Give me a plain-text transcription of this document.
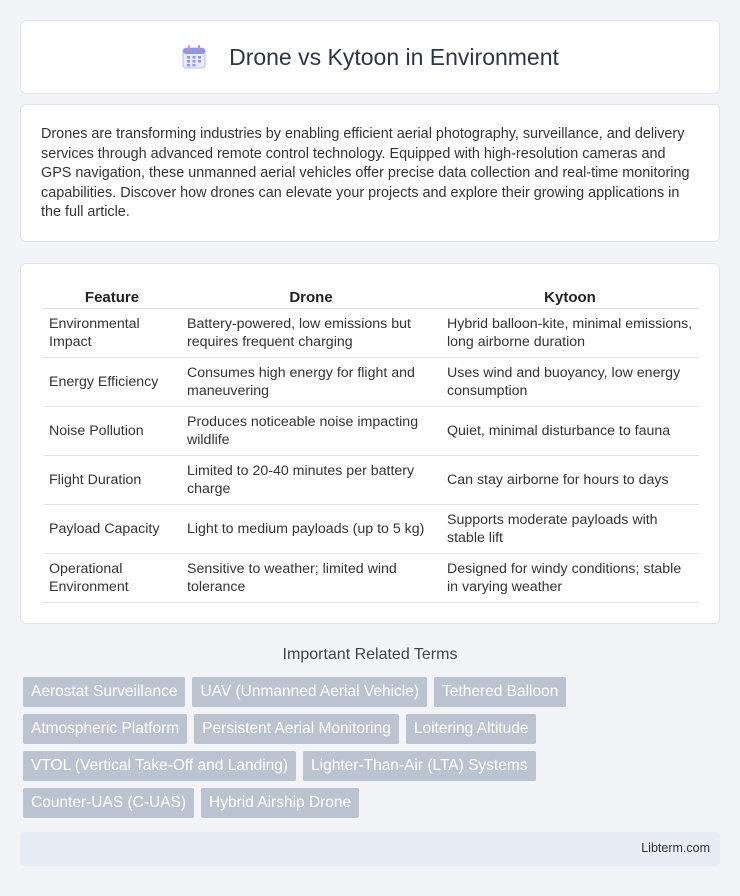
Drone vs Kytoon in Environment

Drones are transforming industries by enabling efficient aerial photography, surveillance, and delivery services through advanced remote control technology. Equipped with high-resolution cameras and GPS navigation, these unmanned aerial vehicles offer precise data collection and real-time monitoring capabilities. Discover how drones can elevate your projects and explore their growing applications in the full article.

Feature	Drone	Kytoon
Environmental Impact	Battery-powered, low emissions but requires frequent charging	Hybrid balloon-kite, minimal emissions, long airborne duration
Energy Efficiency	Consumes high energy for flight and maneuvering	Uses wind and buoyancy, low energy consumption
Noise Pollution	Produces noticeable noise impacting wildlife	Quiet, minimal disturbance to fauna
Flight Duration	Limited to 20-40 minutes per battery charge	Can stay airborne for hours to days
Payload Capacity	Light to medium payloads (up to 5 kg)	Supports moderate payloads with stable lift
Operational Environment	Sensitive to weather; limited wind tolerance	Designed for windy conditions; stable in varying weather
Important Related Terms
Aerostat Surveillance	UAV (Unmanned Aerial Vehicle)	Tethered Balloon
Atmospheric Platform	Persistent Aerial Monitoring	Loitering Altitude
VTOL (Vertical Take-Off and Landing)	Lighter-Than-Air (LTA) Systems
Counter-UAS (C-UAS)	Hybrid Airship Drone
Libterm.com
